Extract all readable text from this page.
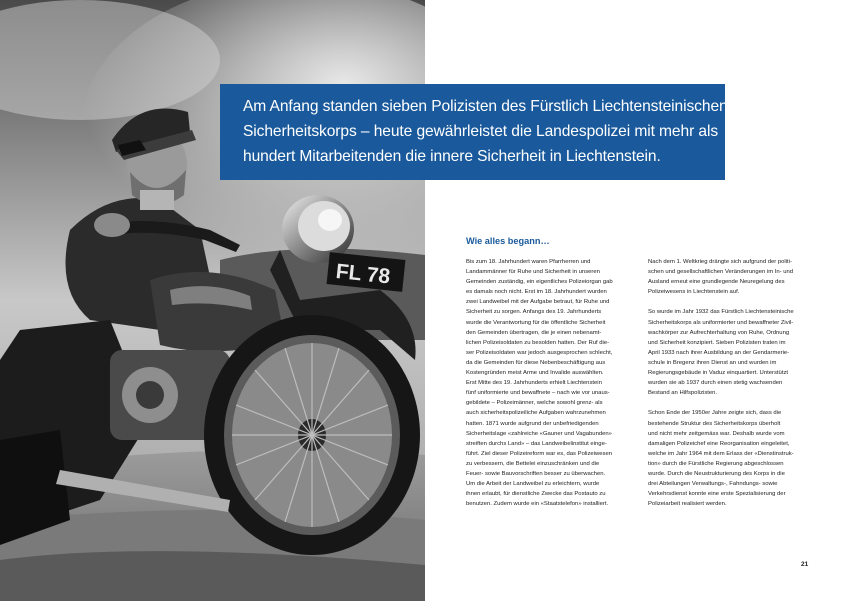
FL 78
Am Anfang standen sieben Polizisten des Fürstlich Liechtensteinischen
Sicherheitskorps – heute gewährleistet die Landespolizei mit mehr als
hundert Mitarbeitenden die innere Sicherheit in Liechtenstein.
Wie alles begann…
Bis zum 18. Jahrhundert waren Pfarrherren und
Landammänner für Ruhe und Sicherheit in unseren
Gemeinden zuständig, ein eigentliches Polizeiorgan gab
es damals noch nicht. Erst im 18. Jahrhundert wurden
zwei Landweibel mit der Aufgabe betraut, für Ruhe und
Sicherheit zu sorgen. Anfangs des 19. Jahrhunderts
wurde die Verantwortung für die öffentliche Sicherheit
den Gemeinden übertragen, die je einen nebenamt-
lichen Polizeisoldaten zu besolden hatten. Der Ruf die-
ser Polizeisoldaten war jedoch ausgesprochen schlecht,
da die Gemeinden für diese Nebenbeschäftigung aus
Kostengründen meist Arme und Invalide auswählten.
Erst Mitte des 19. Jahrhunderts erhielt Liechtenstein
fünf uniformierte und bewaffnete – nach wie vor unaus-
gebildete – Polizeimänner, welche sowohl grenz- als
auch sicherheitspolizeiliche Aufgaben wahrzunehmen
hatten. 1871 wurde aufgrund der unbefriedigenden
Sicherheitslage «zahlreiche «Gauner und Vagabunden»
streiften durchs Land» – das Landweibelinstitut einge-
führt. Ziel dieser Polizeireform war es, das Polizeiwesen
zu verbessern, die Bettelei einzuschränken und die
Feuer- sowie Bauvorschriften besser zu überwachen.
Um die Arbeit der Landweibel zu erleichtern, wurde
ihnen erlaubt, für dienstliche Zwecke das Postauto zu
benutzen. Zudem wurde ein «Staatstelefon» installiert.
Nach dem 1. Weltkrieg drängte sich aufgrund der politi-
schen und gesellschaftlichen Veränderungen im In- und
Ausland erneut eine grundlegende Neuregelung des
Polizeiwesens in Liechtenstein auf.
So wurde im Jahr 1932 das Fürstlich Liechtensteinische
Sicherheitskorps als uniformierter und bewaffneter Zivil-
wachkörper zur Aufrechterhaltung von Ruhe, Ordnung
und Sicherheit konzipiert. Sieben Polizisten traten im
April 1933 nach ihrer Ausbildung an der Gendarmerie-
schule in Bregenz ihren Dienst an und wurden im
Regierungsgebäude in Vaduz einquartiert. Unterstützt
wurden sie ab 1937 durch einen stetig wachsenden
Bestand an Hilfspolizisten.
Schon Ende der 1950er Jahre zeigte sich, dass die
bestehende Struktur des Sicherheitskorps überholt
und nicht mehr zeitgemäss war. Deshalb wurde vom
damaligen Polizeichef eine Reorganisation eingeleitet,
welche im Jahr 1964 mit dem Erlass der «Dienstinstruk-
tion» durch die Fürstliche Regierung abgeschlossen
wurde. Durch die Neustrukturierung des Korps in die
drei Abteilungen Verwaltungs-, Fahndungs- sowie
Verkehrsdienst konnte eine erste Spezialisierung der
Polizeiarbeit realisiert werden.
21
